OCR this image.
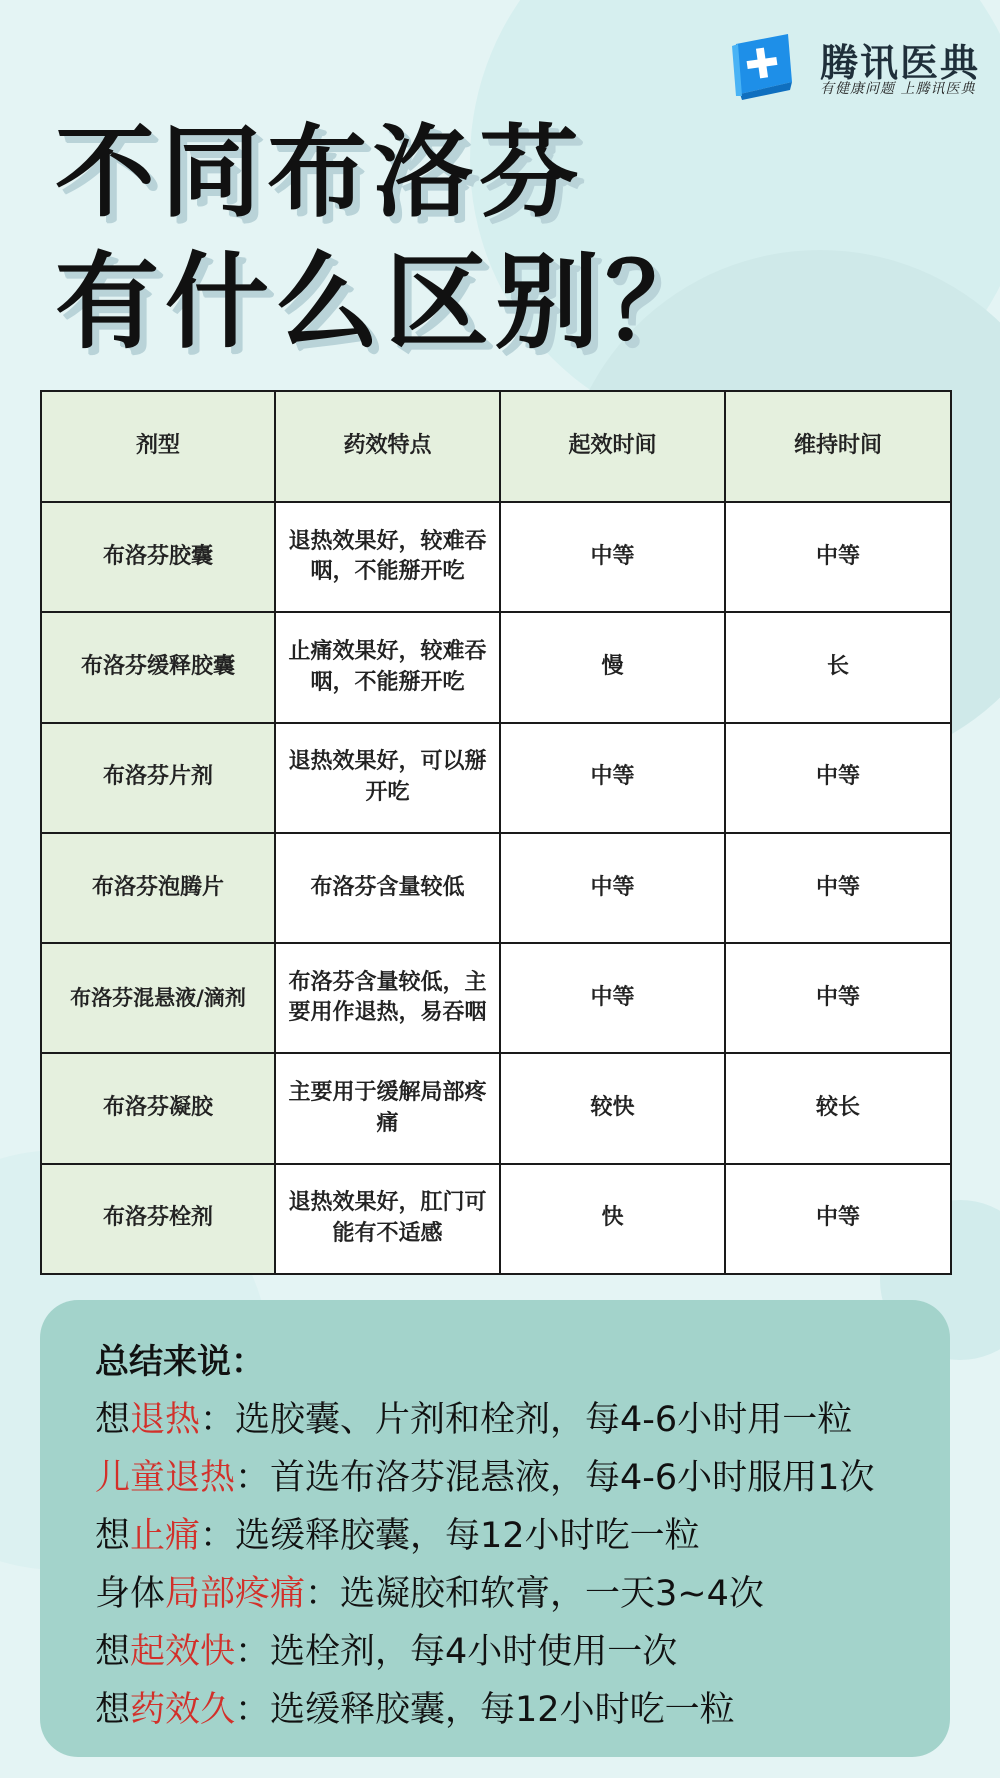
腾讯医典
有健康问题 上腾讯医典
不同布洛芬
有什么区别？
剂型	药效特点	起效时间	维持时间
布洛芬胶囊	退热效果好，较难吞咽，不能掰开吃	中等	中等
布洛芬缓释胶囊	止痛效果好，较难吞咽，不能掰开吃	慢	长
布洛芬片剂	退热效果好，可以掰开吃	中等	中等
布洛芬泡腾片	布洛芬含量较低	中等	中等
布洛芬混悬液/滴剂	布洛芬含量较低，主要用作退热，易吞咽	中等	中等
布洛芬凝胶	主要用于缓解局部疼痛	较快	较长
布洛芬栓剂	退热效果好，肛门可能有不适感	快	中等
总结来说：
想退热：选胶囊、片剂和栓剂，每4-6小时用一粒
儿童退热：首选布洛芬混悬液，每4-6小时服用1次
想止痛：选缓释胶囊，每12小时吃一粒
身体局部疼痛：选凝胶和软膏，一天3~4次
想起效快：选栓剂，每4小时使用一次
想药效久：选缓释胶囊，每12小时吃一粒
